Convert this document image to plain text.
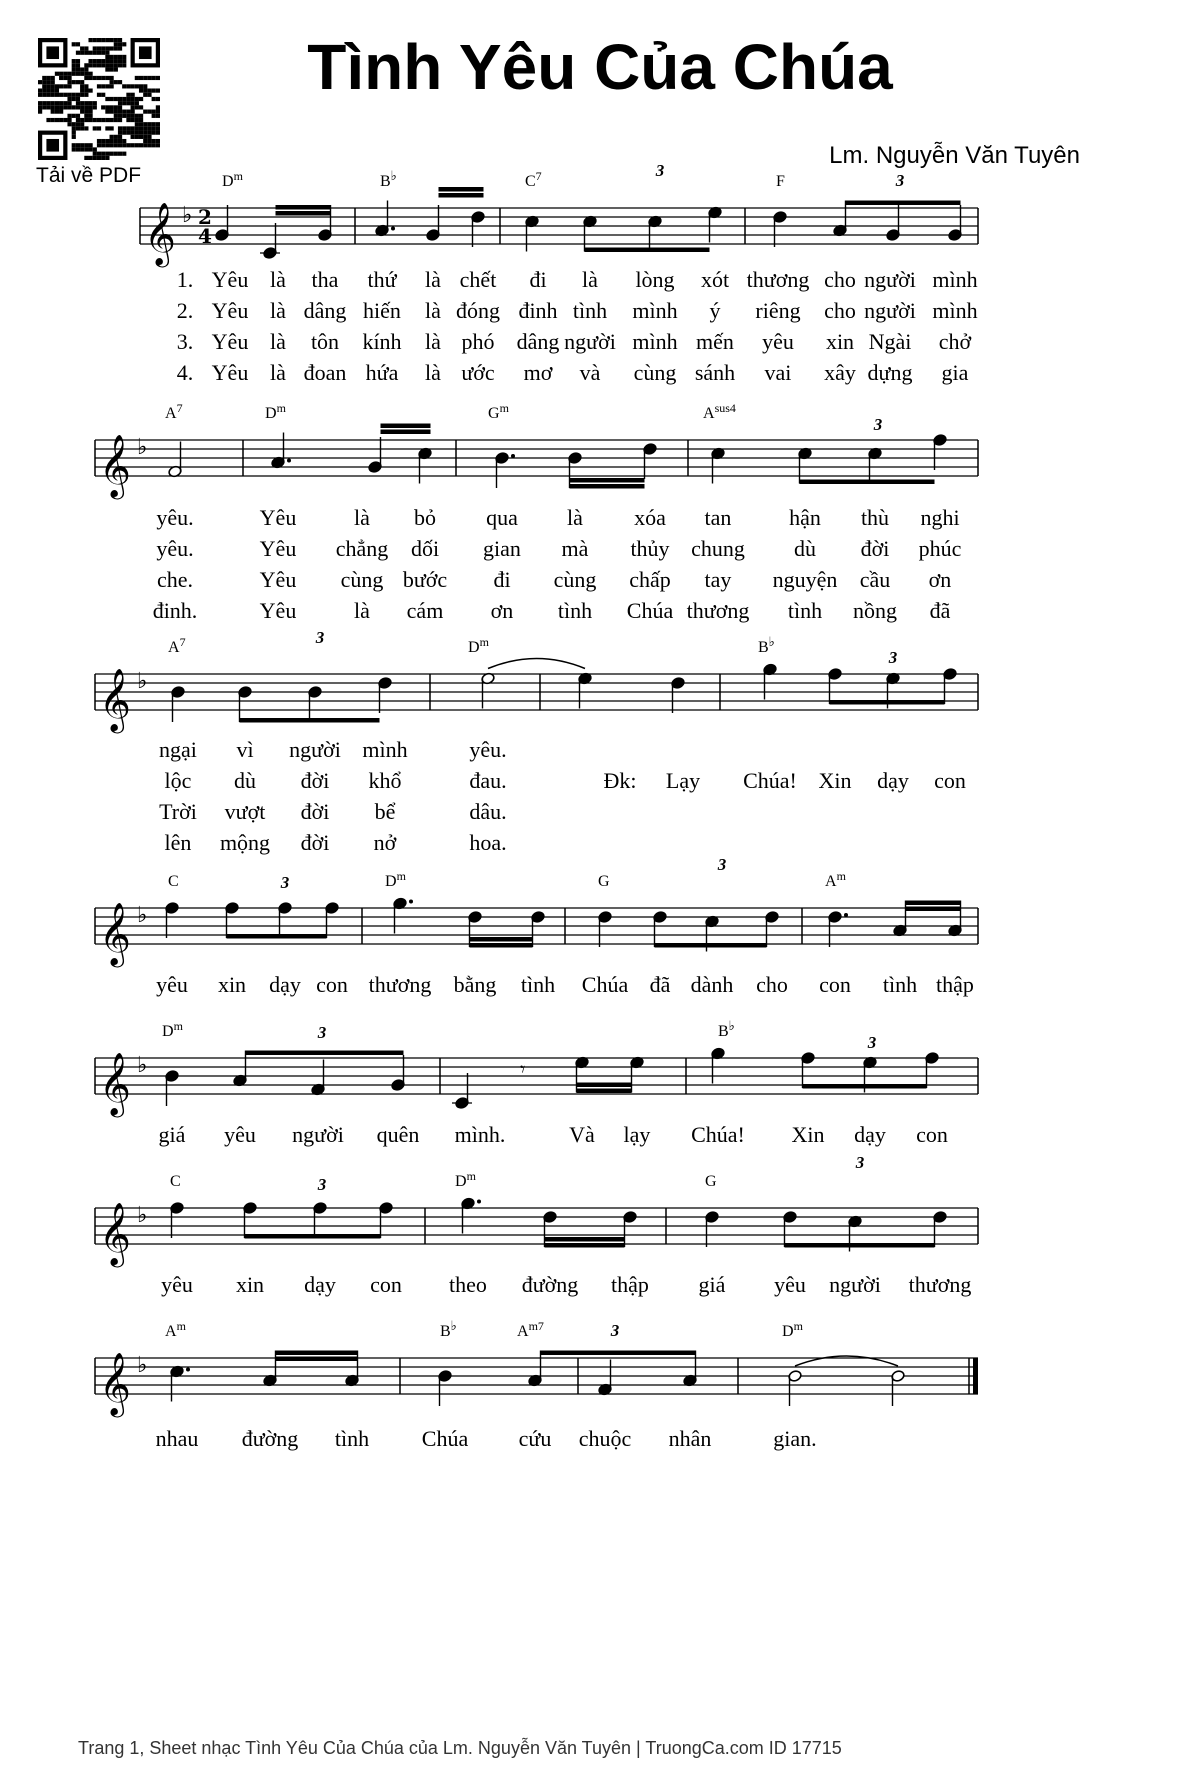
Tải về PDF
Tình Yêu Của Chúa
Lm. Nguyễn Văn Tuyên
𝄞 ♭ 2
4
$D^m$	B♭	$C^7$	F
3
3
1. Yêu là tha thứ là chết đi là lòng xót thương cho người mình
2. Yêu là dâng hiến là đóng đinh tình mình ý riêng cho người mình
3. Yêu là tôn kính là phó dâng người mình mến yêu xin Ngài chở
4. Yêu là đoan hứa là ước mơ và cùng sánh vai xây dựng gia
𝄞 ♭
$A^7$	$D^m$	$G^m$	$A^{sus4}$
3
yêu.	Yêu	là bỏ qua là xóa tan	hận thù nghi
yêu.	Yêu chẳng dối gian mà thủy chung dù đời phúc
che.	Yêu cùng bước đi cùng chấp tay nguyện cầu ơn
đinh.	Yêu	là cám ơn tình Chúa thương tình nồng đã
𝄞 ♭
$A^7$	$D^m$	B♭
3
3
ngại vì người mình	yêu.
lộc dù đời khổ	đau.	Đk: Lạy Chúa! Xin dạy con
Trời vượt đời bể	dâu.
lên mộng đời nở	hoa.
𝄞 ♭
C	$D^m$	G	$A^m$
3
3
yêu xin dạy con thương bằng tình Chúa đã dành cho con tình thập
𝄞 ♭
$D^m$	B♭
3
3
𝄾
giá yêu người quên mình.	Và lạy Chúa! Xin dạy con
𝄞 ♭
C	$D^m$	G
3
3
yêu xin dạy con theo đường thập giá yêu người thương
𝄞 ♭
$A^m$	B♭	$A^{m7}$	$D^m$
3
nhau đường tình Chúa cứu chuộc nhân	gian.
Trang 1, Sheet nhạc Tình Yêu Của Chúa của Lm. Nguyễn Văn Tuyên | TruongCa.com ID 17715
